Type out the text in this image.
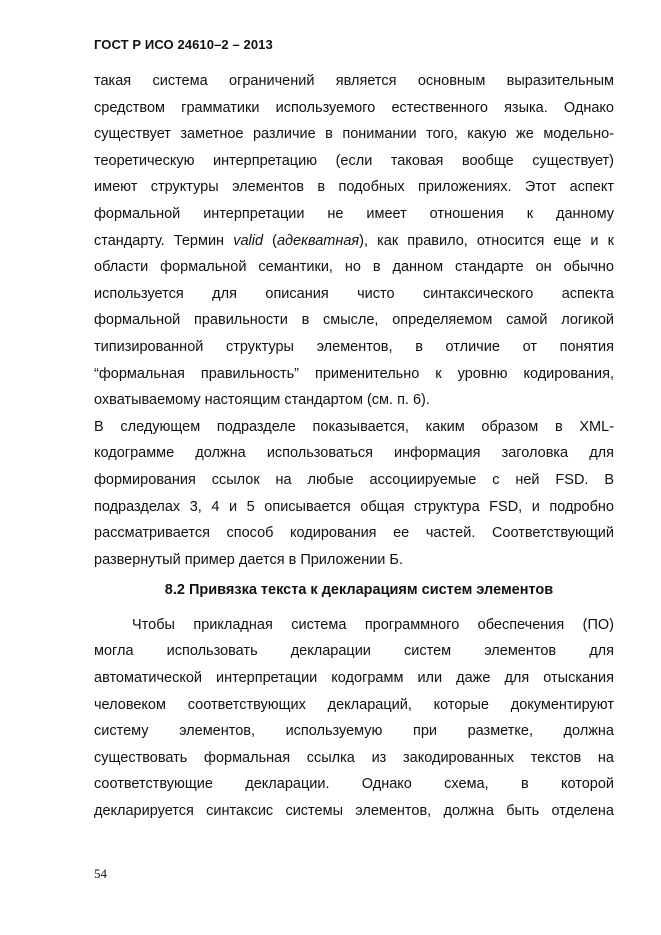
ГОСТ Р ИСО 24610–2 – 2013
такая система ограничений является основным выразительным
средством грамматики используемого естественного языка. Однако
существует заметное различие в понимании того, какую же модельно-
теоретическую интерпретацию (если таковая вообще существует)
имеют структуры элементов в подобных приложениях. Этот аспект
формальной интерпретации не имеет отношения к данному
стандарту. Термин valid (адекватная), как правило, относится еще и к
области формальной семантики, но в данном стандарте он обычно
используется для описания чисто синтаксического аспекта
формальной правильности в смысле, определяемом самой логикой
типизированной структуры элементов, в отличие от понятия
“формальная правильность” применительно к уровню кодирования,
охватываемому настоящим стандартом (см. п. 6).
В следующем подразделе показывается, каким образом в XML-
кодограмме должна использоваться информация заголовка для
формирования ссылок на любые ассоциируемые с ней FSD. В
подразделах 3, 4 и 5 описывается общая структура FSD, и подробно
рассматривается способ кодирования ее частей. Соответствующий
развернутый пример дается в Приложении Б.
8.2 Привязка текста к декларациям систем элементов
Чтобы прикладная система программного обеспечения (ПО)
могла использовать декларации систем элементов для
автоматической интерпретации кодограмм или даже для отыскания
человеком соответствующих деклараций, которые документируют
систему элементов, используемую при разметке, должна
существовать формальная ссылка из закодированных текстов на
соответствующие декларации. Однако схема, в которой
декларируется синтаксис системы элементов, должна быть отделена
54
